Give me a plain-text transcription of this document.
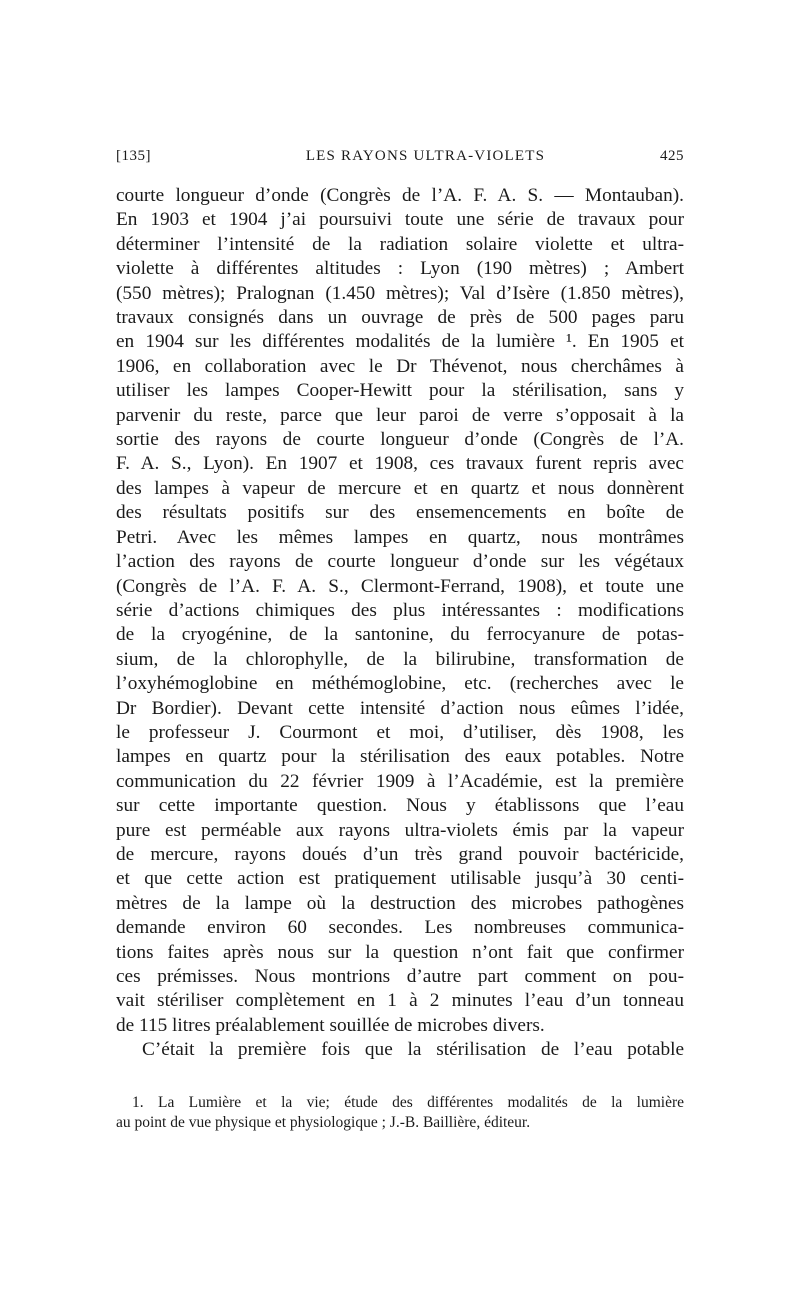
[135]	LES RAYONS ULTRA-VIOLETS	425
courte longueur d’onde (Congrès de l’A. F. A. S. — Montauban).
En 1903 et 1904 j’ai poursuivi toute une série de travaux pour
déterminer l’intensité de la radiation solaire violette et ultra-
violette à différentes altitudes : Lyon (190 mètres) ; Ambert
(550 mètres); Pralognan (1.450 mètres); Val d’Isère (1.850 mètres),
travaux consignés dans un ouvrage de près de 500 pages paru
en 1904 sur les différentes modalités de la lumière ¹. En 1905 et
1906, en collaboration avec le Dr Thévenot, nous cherchâmes à
utiliser les lampes Cooper-Hewitt pour la stérilisation, sans y
parvenir du reste, parce que leur paroi de verre s’opposait à la
sortie des rayons de courte longueur d’onde (Congrès de l’A.
F. A. S., Lyon). En 1907 et 1908, ces travaux furent repris avec
des lampes à vapeur de mercure et en quartz et nous donnèrent
des résultats positifs sur des ensemencements en boîte de
Petri. Avec les mêmes lampes en quartz, nous montrâmes
l’action des rayons de courte longueur d’onde sur les végétaux
(Congrès de l’A. F. A. S., Clermont-Ferrand, 1908), et toute une
série d’actions chimiques des plus intéressantes : modifications
de la cryogénine, de la santonine, du ferrocyanure de potas-
sium, de la chlorophylle, de la bilirubine, transformation de
l’oxyhémoglobine en méthémoglobine, etc. (recherches avec le
Dr Bordier). Devant cette intensité d’action nous eûmes l’idée,
le professeur J. Courmont et moi, d’utiliser, dès 1908, les
lampes en quartz pour la stérilisation des eaux potables. Notre
communication du 22 février 1909 à l’Académie, est la première
sur cette importante question. Nous y établissons que l’eau
pure est perméable aux rayons ultra-violets émis par la vapeur
de mercure, rayons doués d’un très grand pouvoir bactéricide,
et que cette action est pratiquement utilisable jusqu’à 30 centi-
mètres de la lampe où la destruction des microbes pathogènes
demande environ 60 secondes. Les nombreuses communica-
tions faites après nous sur la question n’ont fait que confirmer
ces prémisses. Nous montrions d’autre part comment on pou-
vait stériliser complètement en 1 à 2 minutes l’eau d’un tonneau
de 115 litres préalablement souillée de microbes divers.
C’était la première fois que la stérilisation de l’eau potable
1. La Lumière et la vie; étude des différentes modalités de la lumière
au point de vue physique et physiologique ; J.-B. Baillière, éditeur.
